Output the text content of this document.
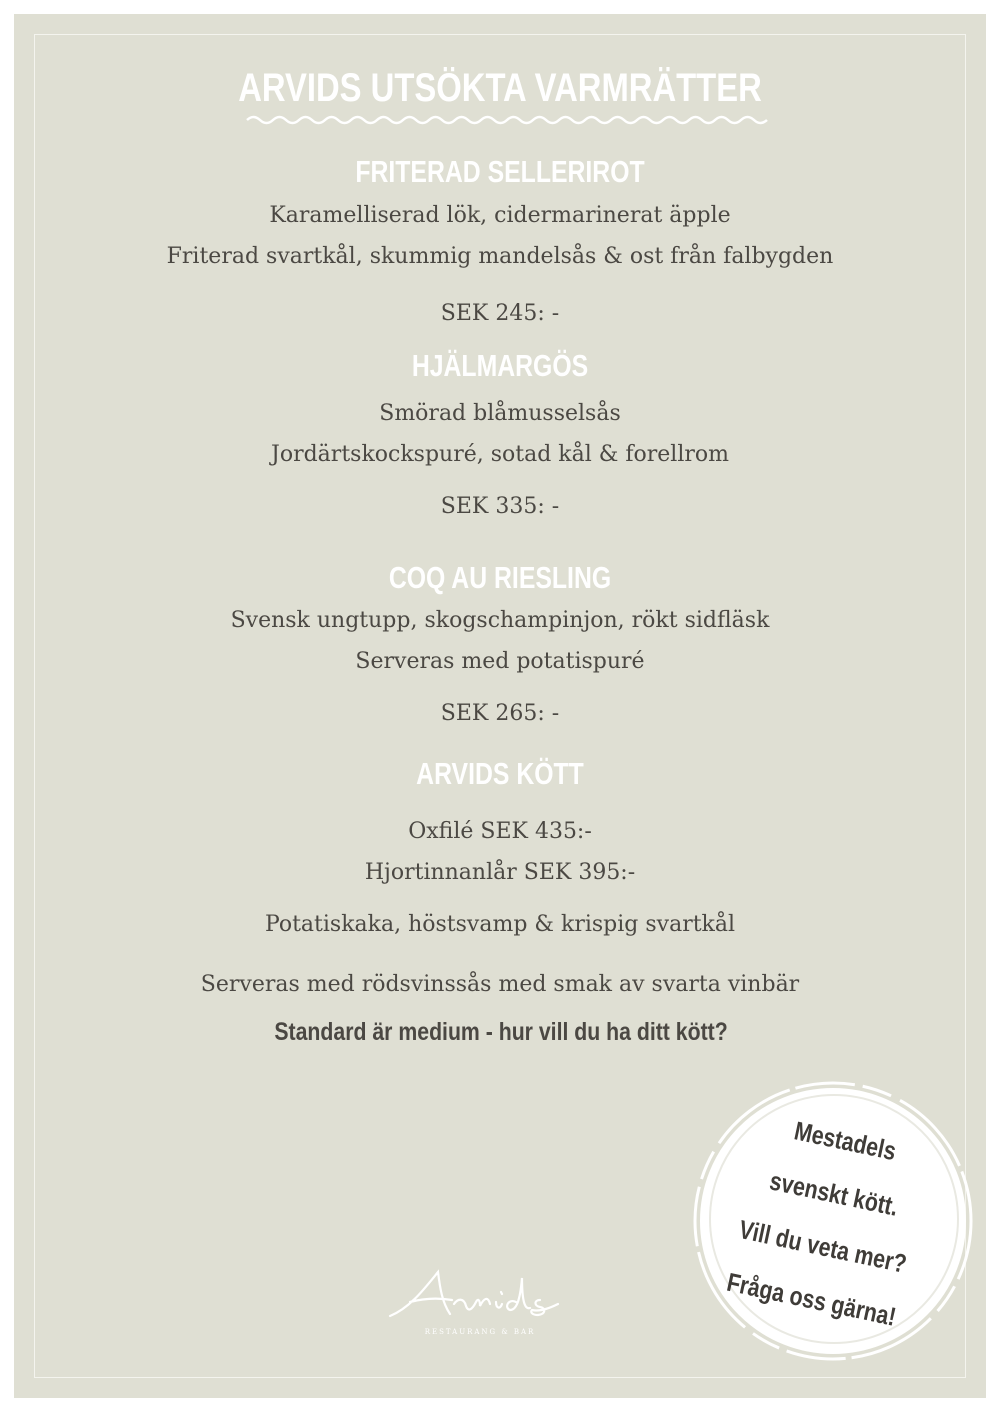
ARVIDS UTSÖKTA VARMRÄTTER
FRITERAD SELLERIROT
Karamelliserad lök, cidermarinerat äpple
Friterad svartkål, skummig mandelsås & ost från falbygden
SEK 245: -
HJÄLMARGÖS
Smörad blåmusselsås
Jordärtskockspuré, sotad kål & forellrom
SEK 335: -
COQ AU RIESLING
Svensk ungtupp, skogschampinjon, rökt sidfläsk
Serveras med potatispuré
SEK 265: -
ARVIDS KÖTT
Oxfilé SEK 435:-
Hjortinnanlår SEK 395:-
Potatiskaka, höstsvamp & krispig svartkål
Serveras med rödsvinssås med smak av svarta vinbär
Standard är medium - hur vill du ha ditt kött?
Mestadels
svenskt kött.
Vill du veta mer?
Fråga oss gärna!
RESTAURANG & BAR
